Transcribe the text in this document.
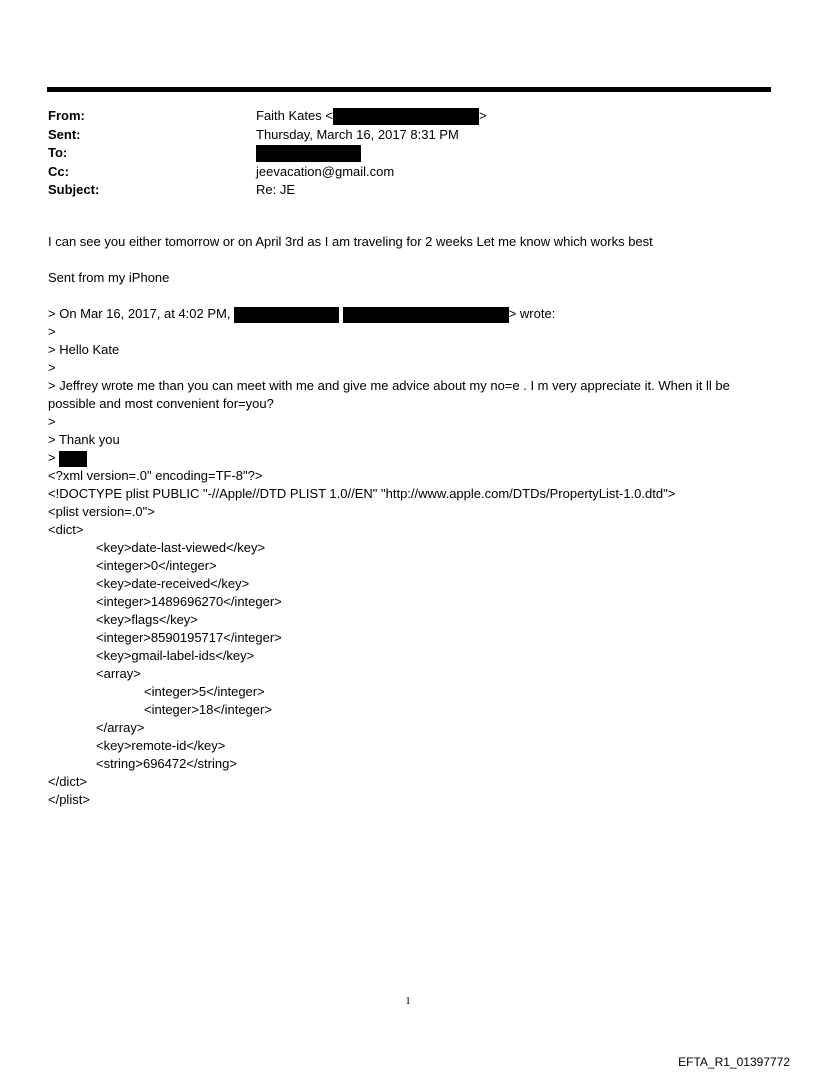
From:	Faith Kates <	>
Sent:	Thursday, March 16, 2017 8:31 PM
To:
Cc:	jeevacation@gmail.com
Subject:	Re: JE

I can see you either tomorrow or on April 3rd as I am traveling for 2 weeks Let me know which works best

Sent from my iPhone

> On Mar 16, 2017, at 4:02 PM,	> wrote:

>

> Hello Kate

>

> Jeffrey wrote me than you can meet with me and give me advice about my no=e . I m very appreciate it. When it ll be possible and most convenient for=you?

>

> Thank you

>

<?xml version=.0" encoding=TF-8"?>

<!DOCTYPE plist PUBLIC "-//Apple//DTD PLIST 1.0//EN" "http://www.apple.com/DTDs/PropertyList-1.0.dtd">

<plist version=.0">

<dict>

<key>date-last-viewed</key>

<integer>0</integer>

<key>date-received</key>

<integer>1489696270</integer>

<key>flags</key>

<integer>8590195717</integer>

<key>gmail-label-ids</key>

<array>

<integer>5</integer>

<integer>18</integer>

</array>

<key>remote-id</key>

<string>696472</string>

</dict>

</plist>

1
EFTA_R1_01397772
